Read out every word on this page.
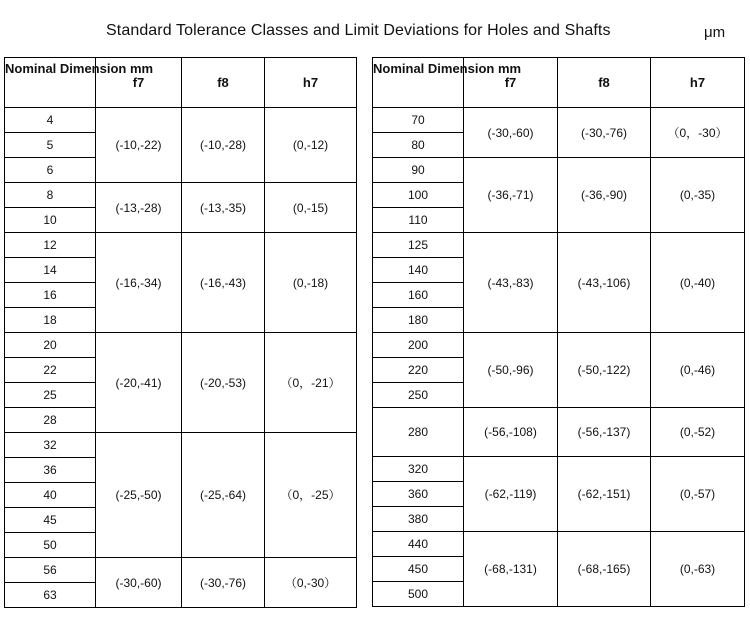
Standard Tolerance Classes and Limit Deviations for Holes and Shafts	μm
Nominal Dimension mm	f7	f8	h7
4	(-10,-22)	(-10,-28)	(0,-12)
5			
6			
8	(-13,-28)	(-13,-35)	(0,-15)
10			
12	(-16,-34)	(-16,-43)	(0,-18)
14			
16			
18			
20	(-20,-41)	(-20,-53)	（0，-21）
22			
25			
28			
32	(-25,-50)	(-25,-64)	（0，-25）
36			
40			
45			
50			
56	(-30,-60)	(-30,-76)	（0,-30）
63			
Nominal Dimension mm	f7	f8	h7
70	(-30,-60)	(-30,-76)	（0，-30）
80			
90	(-36,-71)	(-36,-90)	(0,-35)
100			
110			
125	(-43,-83)	(-43,-106)	(0,-40)
140			
160			
180			
200	(-50,-96)	(-50,-122)	(0,-46)
220			
250			
280	(-56,-108)	(-56,-137)	(0,-52)
320	(-62,-119)	(-62,-151)	(0,-57)
360			
380			
440	(-68,-131)	(-68,-165)	(0,-63)
450			
500			
